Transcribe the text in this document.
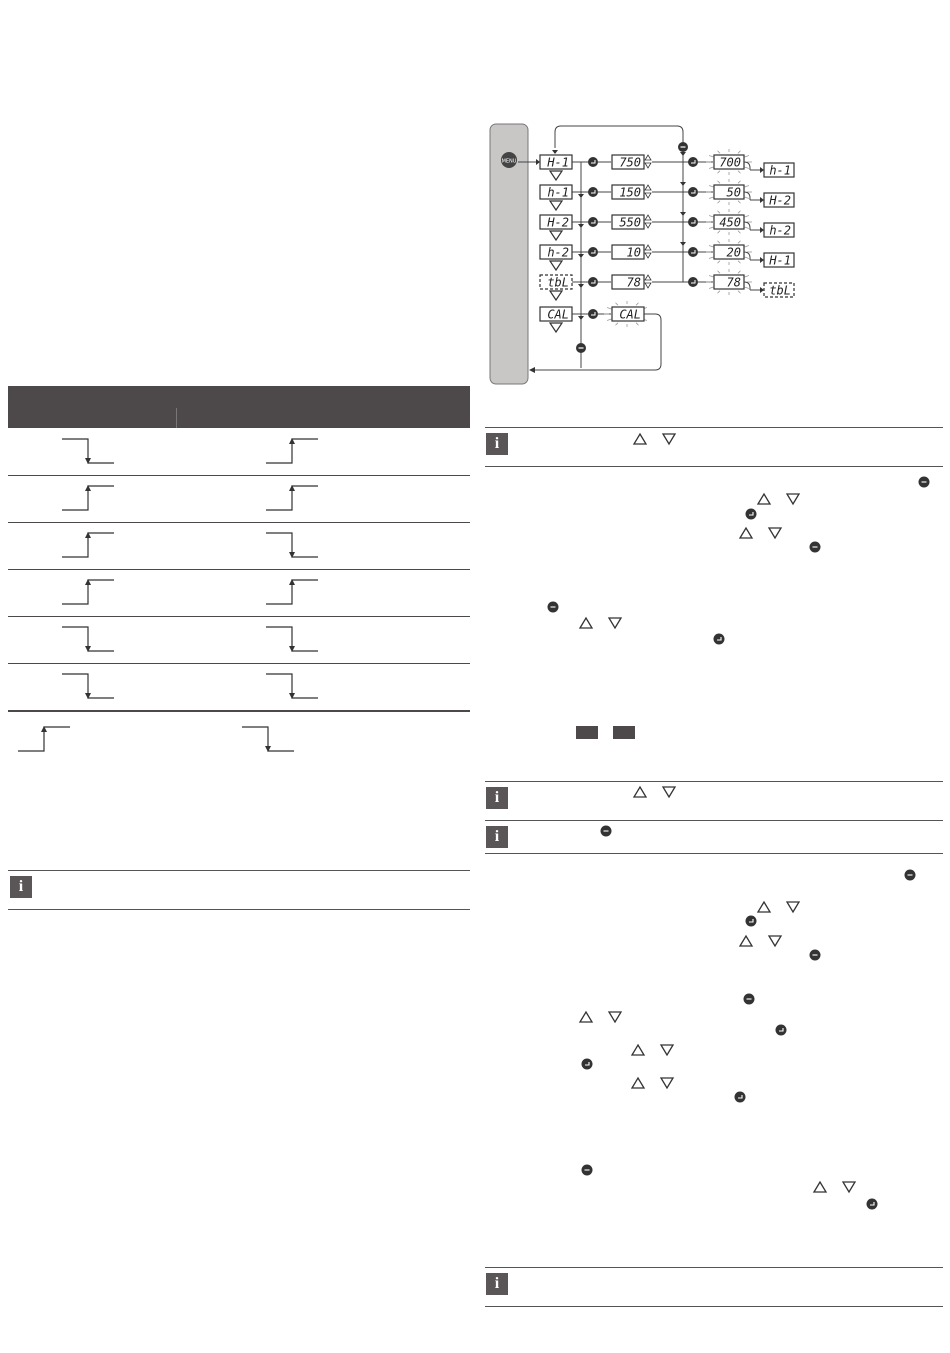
i
MENU	H-1	750	700
h-1
h-1	150	50
H-2
H-2	550	450
h-2
h-2	10	20
H-1
tbL	78	78
tbL
CAL	CAL
i
i
i
i
